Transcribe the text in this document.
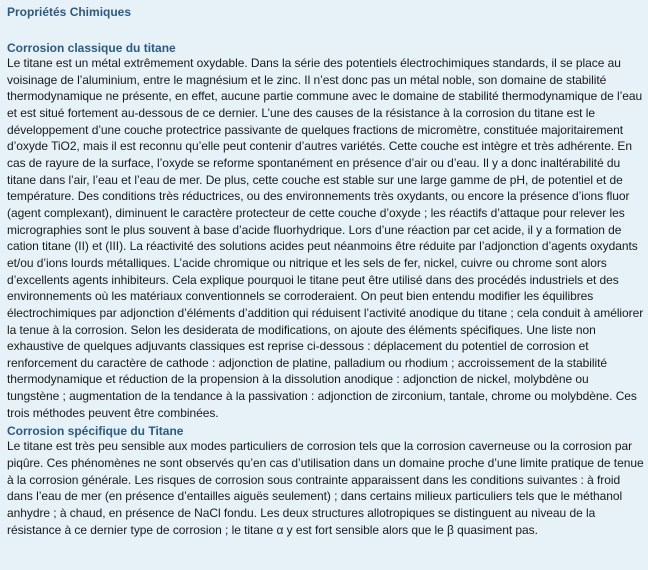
Propriétés Chimiques
Corrosion classique du titane

Le titane est un métal extrêmement oxydable. Dans la série des potentiels électrochimiques standards, il se place au voisinage de l’aluminium, entre le magnésium et le zinc. Il n’est donc pas un métal noble, son domaine de stabilité thermodynamique ne présente, en effet, aucune partie commune avec le domaine de stabilité thermodynamique de l’eau et est situé fortement au-dessous de ce dernier. L’une des causes de la résistance à la corrosion du titane est le développement d’une couche protectrice passivante de quelques fractions de micromètre, constituée majoritairement d’oxyde TiO2, mais il est reconnu qu’elle peut contenir d’autres variétés. Cette couche est intègre et très adhérente. En cas de rayure de la surface, l’oxyde se reforme spontanément en présence d’air ou d’eau. Il y a donc inaltérabilité du titane dans l’air, l’eau et l’eau de mer. De plus, cette couche est stable sur une large gamme de pH, de potentiel et de température. Des conditions très réductrices, ou des environnements très oxydants, ou encore la présence d’ions fluor (agent complexant), diminuent le caractère protecteur de cette couche d’oxyde ; les réactifs d’attaque pour relever les micrographies sont le plus souvent à base d’acide fluorhydrique. Lors d’une réaction par cet acide, il y a formation de cation titane (II) et (III). La réactivité des solutions acides peut néanmoins être réduite par l’adjonction d’agents oxydants et/ou d’ions lourds métalliques. L’acide chromique ou nitrique et les sels de fer, nickel, cuivre ou chrome sont alors d’excellents agents inhibiteurs. Cela explique pourquoi le titane peut être utilisé dans des procédés industriels et des environnements où les matériaux conventionnels se corroderaient. On peut bien entendu modifier les équilibres électrochimiques par adjonction d’éléments d’addition qui réduisent l’activité anodique du titane ; cela conduit à améliorer la tenue à la corrosion. Selon les desiderata de modifications, on ajoute des éléments spécifiques. Une liste non exhaustive de quelques adjuvants classiques est reprise ci-dessous : déplacement du potentiel de corrosion et renforcement du caractère de cathode : adjonction de platine, palladium ou rhodium ; accroissement de la stabilité thermodynamique et réduction de la propension à la dissolution anodique : adjonction de nickel, molybdène ou tungstène ; augmentation de la tendance à la passivation : adjonction de zirconium, tantale, chrome ou molybdène. Ces trois méthodes peuvent être combinées.

Corrosion spécifique du Titane

Le titane est très peu sensible aux modes particuliers de corrosion tels que la corrosion caverneuse ou la corrosion par piqûre. Ces phénomènes ne sont observés qu’en cas d’utilisation dans un domaine proche d’une limite pratique de tenue à la corrosion générale. Les risques de corrosion sous contrainte apparaissent dans les conditions suivantes : à froid dans l’eau de mer (en présence d’entailles aiguës seulement) ; dans certains milieux particuliers tels que le méthanol anhydre ; à chaud, en présence de NaCl fondu. Les deux structures allotropiques se distinguent au niveau de la résistance à ce dernier type de corrosion ; le titane α y est fort sensible alors que le β quasiment pas.
